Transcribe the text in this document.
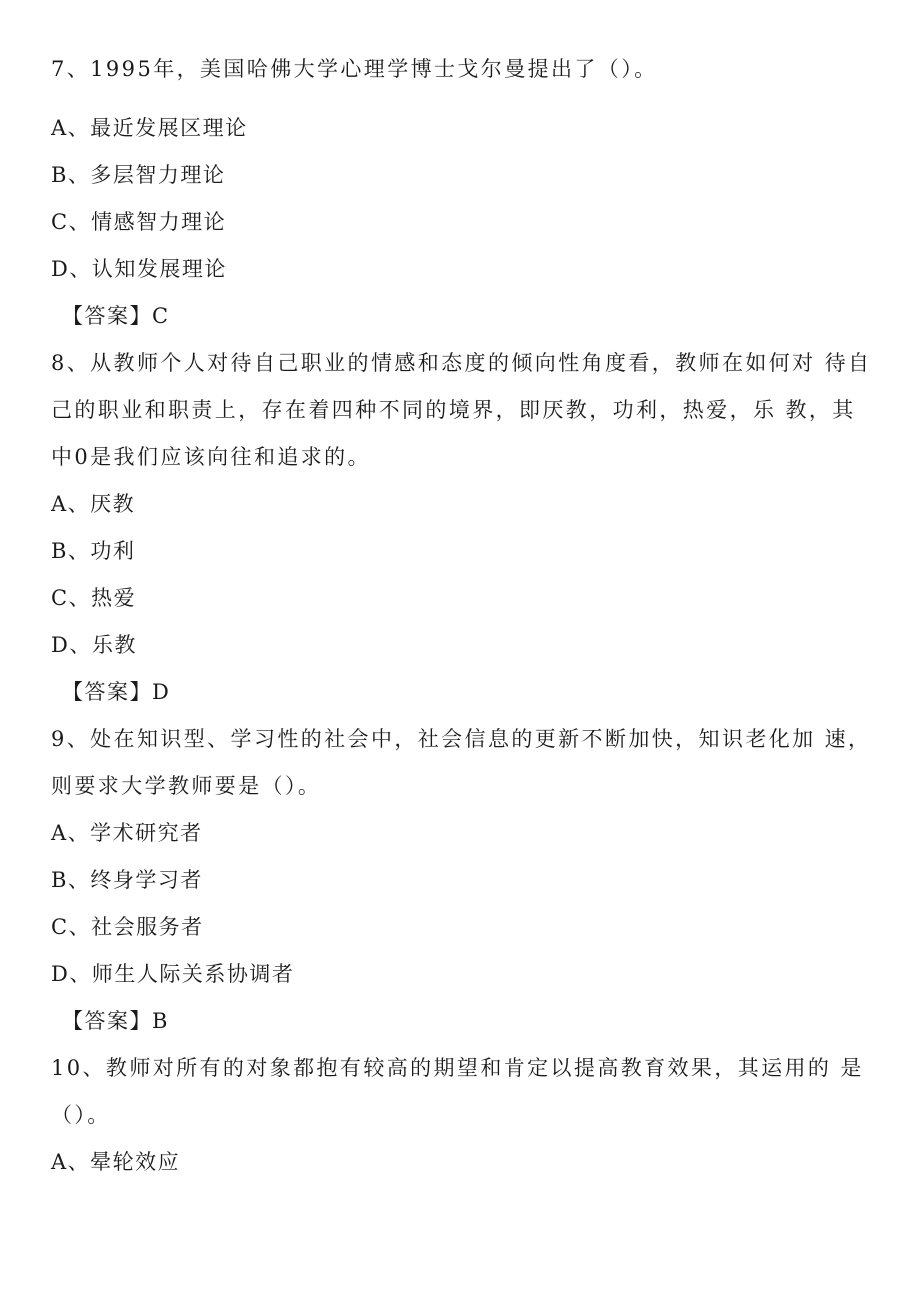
7、1995年，美国哈佛大学心理学博士戈尔曼提出了（）。
A、最近发展区理论
B、多层智力理论
C、情感智力理论
D、认知发展理论
【答案】C
8、从教师个人对待自己职业的情感和态度的倾向性角度看，教师在如何对 待自
己的职业和职责上，存在着四种不同的境界，即厌教，功利，热爱，乐 教，其
中0是我们应该向往和追求的。
A、厌教
B、功利
C、热爱
D、乐教
【答案】D
9、处在知识型、学习性的社会中，社会信息的更新不断加快，知识老化加 速，
则要求大学教师要是（）。
A、学术研究者
B、终身学习者
C、社会服务者
D、师生人际关系协调者
【答案】B
10、教师对所有的对象都抱有较高的期望和肯定以提高教育效果，其运用的 是
（）。
A、晕轮效应
